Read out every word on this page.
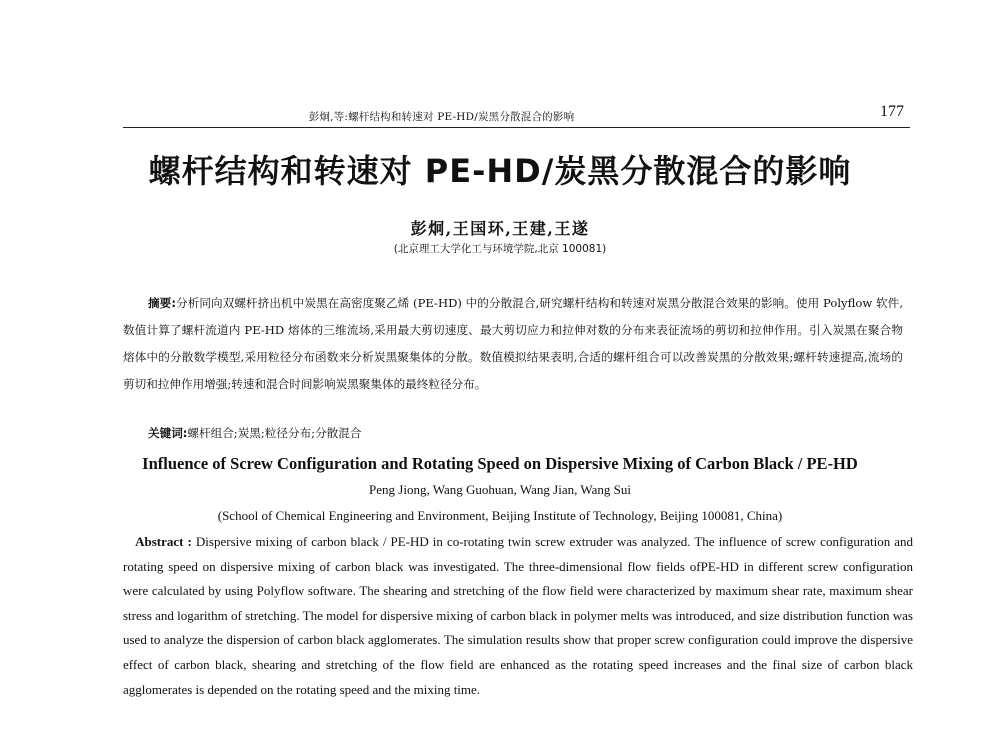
彭炯,等:螺杆结构和转速对 PE-HD/炭黑分散混合的影响	177
螺杆结构和转速对 PE-HD/炭黑分散混合的影响
彭炯,王国环,王建,王遂
(北京理工大学化工与环境学院,北京 100081)

摘要:分析同向双螺杆挤出机中炭黑在高密度聚乙烯 (PE-HD) 中的分散混合,研究螺杆结构和转速对炭黑分散混合效果的影响。使用 Polyflow 软件,数值计算了螺杆流道内 PE-HD 熔体的三维流场,采用最大剪切速度、最大剪切应力和拉伸对数的分布来表征流场的剪切和拉伸作用。引入炭黑在聚合物熔体中的分散数学模型,采用粒径分布函数来分析炭黑聚集体的分散。数值模拟结果表明,合适的螺杆组合可以改善炭黑的分散效果;螺杆转速提高,流场的剪切和拉伸作用增强;转速和混合时间影响炭黑聚集体的最终粒径分布。

关键词:螺杆组合;炭黑;粒径分布;分散混合
Influence of Screw Configuration and Rotating Speed on Dispersive Mixing of Carbon Black / PE-HD
Peng Jiong, Wang Guohuan, Wang Jian, Wang Sui
(School of Chemical Engineering and Environment, Beijing Institute of Technology, Beijing 100081, China)

Abstract : Dispersive mixing of carbon black / PE-HD in co-rotating twin screw extruder was analyzed. The influence of screw configuration and rotating speed on dispersive mixing of carbon black was investigated. The three-dimensional flow fields ofPE-HD in different screw configuration were calculated by using Polyflow software. The shearing and stretching of the flow field were characterized by maximum shear rate, maximum shear stress and logarithm of stretching. The model for dispersive mixing of carbon black in polymer melts was introduced, and size distribution function was used to analyze the dispersion of carbon black agglomerates. The simulation results show that proper screw configuration could improve the dispersive effect of carbon black, shearing and stretching of the flow field are enhanced as the rotating speed increases and the final size of carbon black agglomerates is depended on the rotating speed and the mixing time.
